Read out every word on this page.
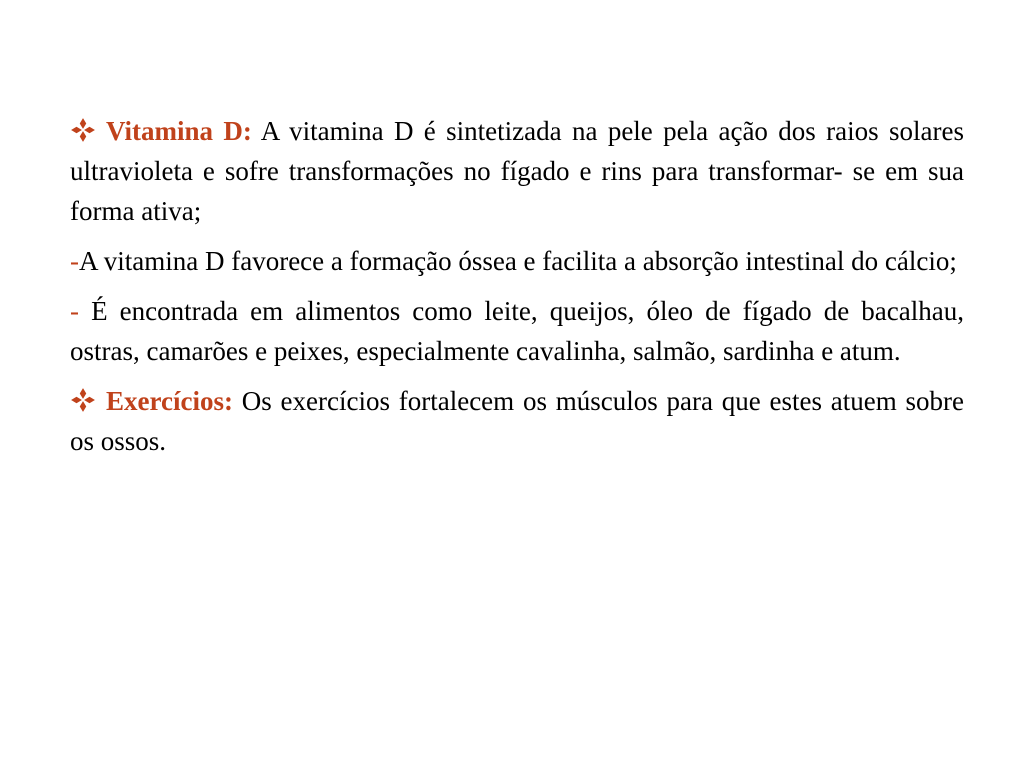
Vitamina D: A vitamina D é sintetizada na pele pela ação dos raios solares ultravioleta e sofre transformações no fígado e rins para transformar- se em sua forma ativa;

-A vitamina D favorece a formação óssea e facilita a absorção intestinal do cálcio;

- É encontrada em alimentos como leite, queijos, óleo de fígado de bacalhau, ostras, camarões e peixes, especialmente cavalinha, salmão, sardinha e atum.

Exercícios: Os exercícios fortalecem os músculos para que estes atuem sobre os ossos.
